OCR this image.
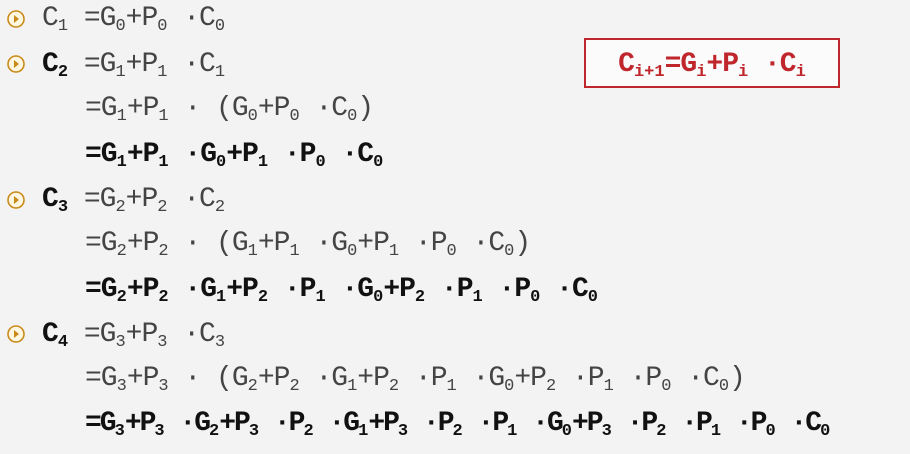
$C_{i+1}=G_i+P_i \cdot C_i$
$C_1 =G_0+P_0 \cdot C_0$
$C_2 =G_1+P_1 \cdot C_1$
$=G_1+P_1 \cdot (G_0+P_0 \cdot C_0)$
$=G_1+P_1 \cdot G_0+P_1 \cdot P_0 \cdot C_0$
$C_3 =G_2+P_2 \cdot C_2$
$=G_2+P_2 \cdot (G_1+P_1 \cdot G_0+P_1 \cdot P_0 \cdot C_0)$
$=G_2+P_2 \cdot G_1+P_2 \cdot P_1 \cdot G_0+P_2 \cdot P_1 \cdot P_0 \cdot C_0$
$C_4 =G_3+P_3 \cdot C_3$
$=G_3+P_3 \cdot (G_2+P_2 \cdot G_1+P_2 \cdot P_1 \cdot G_0+P_2 \cdot P_1 \cdot P_0 \cdot C_0)$
$=G_3+P_3 \cdot G_2+P_3 \cdot P_2 \cdot G_1+P_3 \cdot P_2 \cdot P_1 \cdot G_0+P_3 \cdot P_2 \cdot P_1 \cdot P_0 \cdot C_0$
